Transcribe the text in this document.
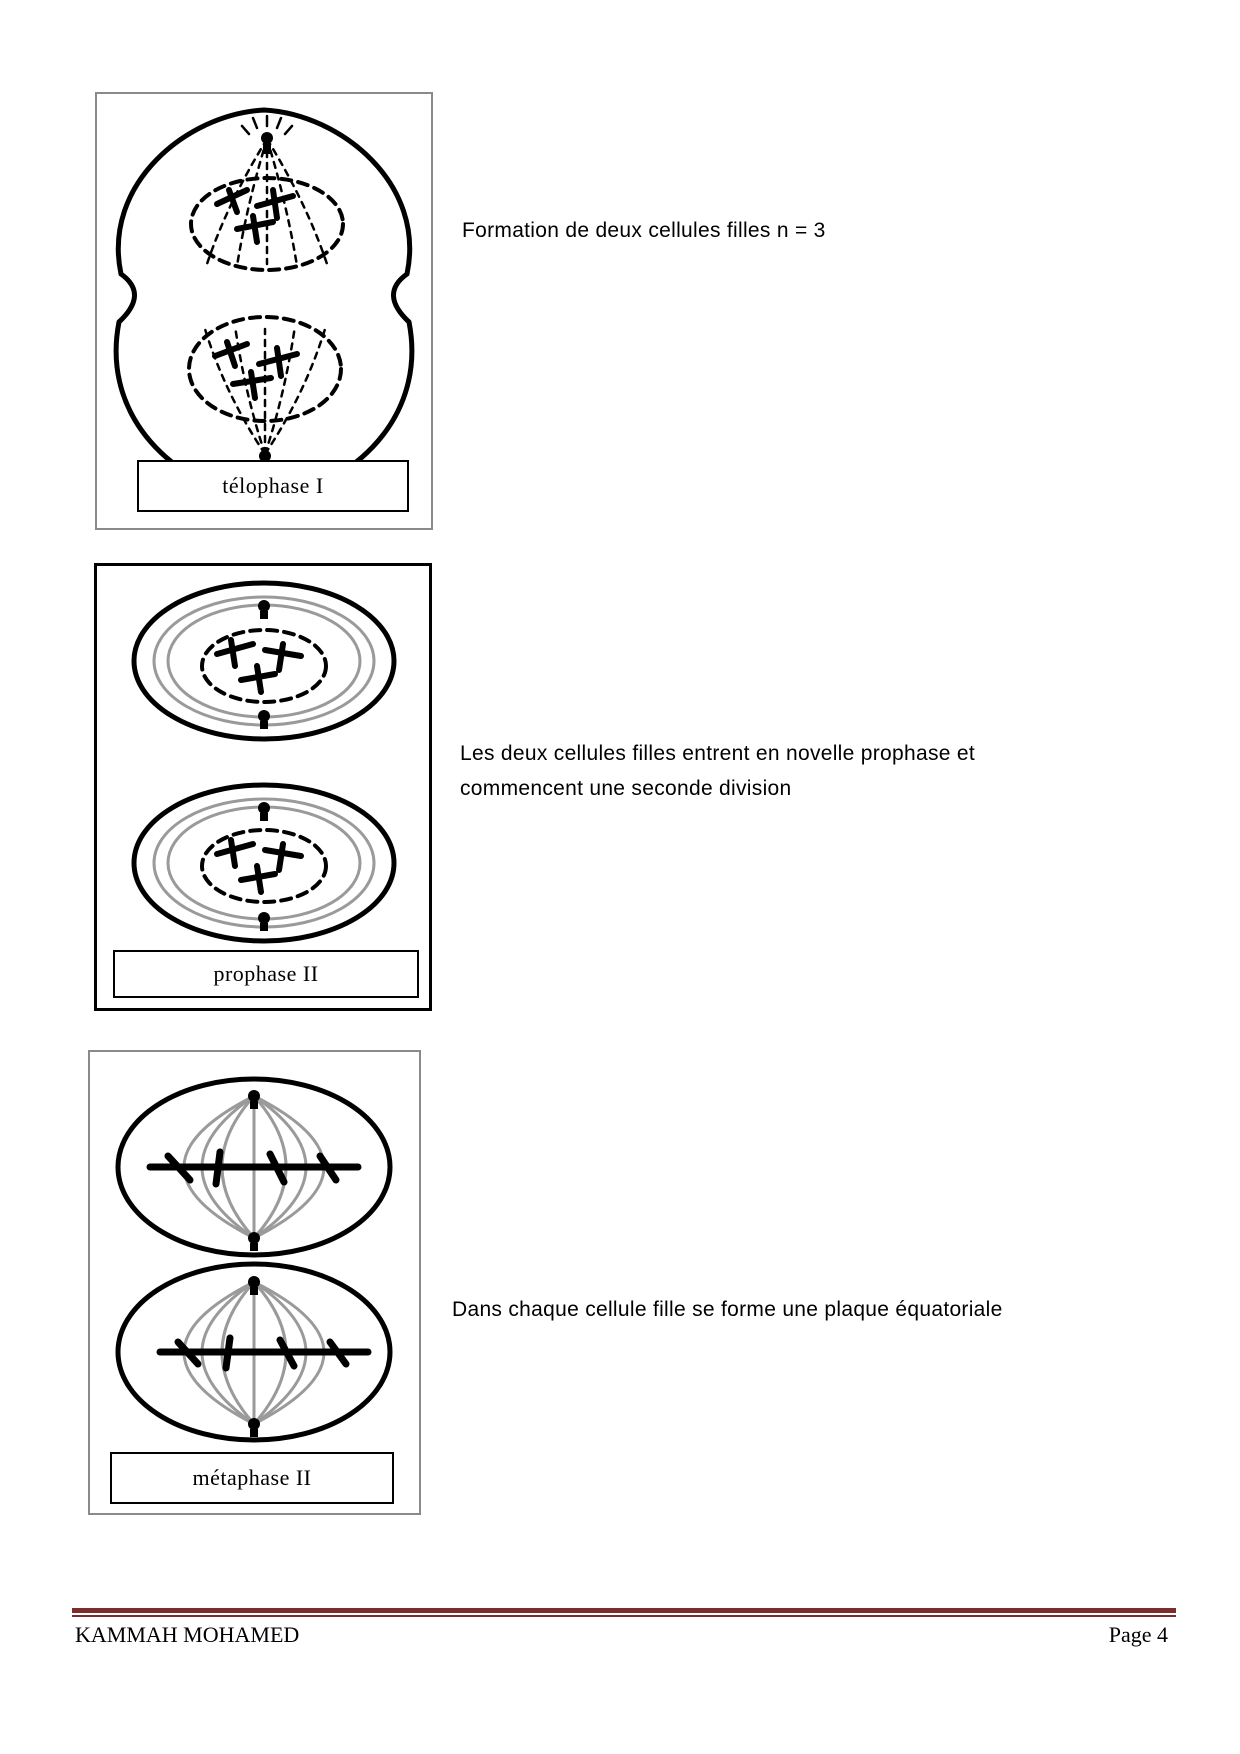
télophase I
Formation de deux cellules filles n = 3
prophase II
Les deux cellules filles entrent en novelle prophase et commencent une seconde division
métaphase II
Dans chaque cellule fille se forme une plaque équatoriale
KAMMAH MOHAMED	Page 4
